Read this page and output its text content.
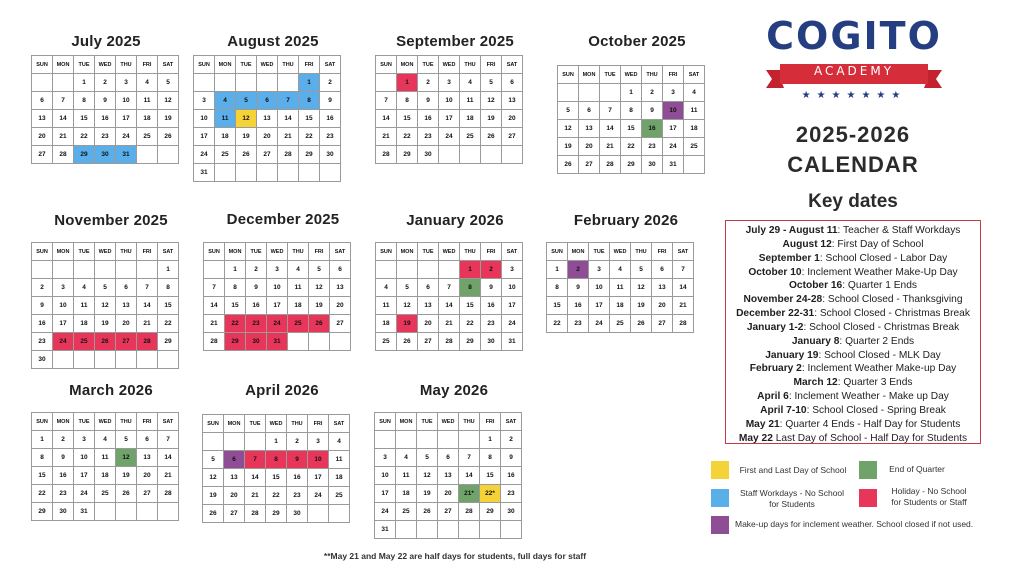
July 2025
SUN	MON	TUE	WED	THU	FRI	SAT
		1	2	3	4	5
6	7	8	9	10	11	12
13	14	15	16	17	18	19
20	21	22	23	24	25	26
27	28	29	30	31		
August 2025
SUN	MON	TUE	WED	THU	FRI	SAT
					1	2
3	4	5	6	7	8	9
10	11	12	13	14	15	16
17	18	19	20	21	22	23
24	25	26	27	28	29	30
31						
September 2025
SUN	MON	TUE	WED	THU	FRI	SAT
	1	2	3	4	5	6
7	8	9	10	11	12	13
14	15	16	17	18	19	20
21	22	23	24	25	26	27
28	29	30				
October 2025
SUN	MON	TUE	WED	THU	FRI	SAT
			1	2	3	4
5	6	7	8	9	10	11
12	13	14	15	16	17	18
19	20	21	22	23	24	25
26	27	28	29	30	31	
November 2025
SUN	MON	TUE	WED	THU	FRI	SAT
						1
2	3	4	5	6	7	8
9	10	11	12	13	14	15
16	17	18	19	20	21	22
23	24	25	26	27	28	29
30						
December 2025
SUN	MON	TUE	WED	THU	FRI	SAT
	1	2	3	4	5	6
7	8	9	10	11	12	13
14	15	16	17	18	19	20
21	22	23	24	25	26	27
28	29	30	31			
January 2026
SUN	MON	TUE	WED	THU	FRI	SAT
				1	2	3
4	5	6	7	8	9	10
11	12	13	14	15	16	17
18	19	20	21	22	23	24
25	26	27	28	29	30	31
February 2026
SUN	MON	TUE	WED	THU	FRI	SAT
1	2	3	4	5	6	7
8	9	10	11	12	13	14
15	16	17	18	19	20	21
22	23	24	25	26	27	28
March 2026
SUN	MON	TUE	WED	THU	FRI	SAT
1	2	3	4	5	6	7
8	9	10	11	12	13	14
15	16	17	18	19	20	21
22	23	24	25	26	27	28
29	30	31				
April 2026
SUN	MON	TUE	WED	THU	FRI	SAT
			1	2	3	4
5	6	7	8	9	10	11
12	13	14	15	16	17	18
19	20	21	22	23	24	25
26	27	28	29	30		
May 2026
SUN	MON	TUE	WED	THU	FRI	SAT
					1	2
3	4	5	6	7	8	9
10	11	12	13	14	15	16
17	18	19	20	21*	22*	23
24	25	26	27	28	29	30
31						
COGITO
ACADEMY
★★★★★★★
2025-2026
CALENDAR
Key dates
July 29 - August 11: Teacher & Staff Workdays
August 12: First Day of School
September 1: School Closed - Labor Day
October 10: Inclement Weather Make-Up Day
October 16: Quarter 1 Ends
November 24-28: School Closed - Thanksgiving
December 22-31: School Closed - Christmas Break
January 1-2: School Closed - Christmas Break
January 8: Quarter 2 Ends
January 19: School Closed - MLK Day
February 2: Inclement Weather Make-up Day
March 12: Quarter 3 Ends
April 6: Inclement Weather - Make up Day
April 7-10: School Closed - Spring Break
May 21: Quarter 4 Ends - Half Day for Students
May 22 Last Day of School - Half Day for Students
First and Last Day of School	End of Quarter
Staff Workdays - No School
for Students
Holiday - No School
for Students or Staff
Make-up days for inclement weather. School closed if not used.
**May 21 and May 22 are half days for students, full days for staff
